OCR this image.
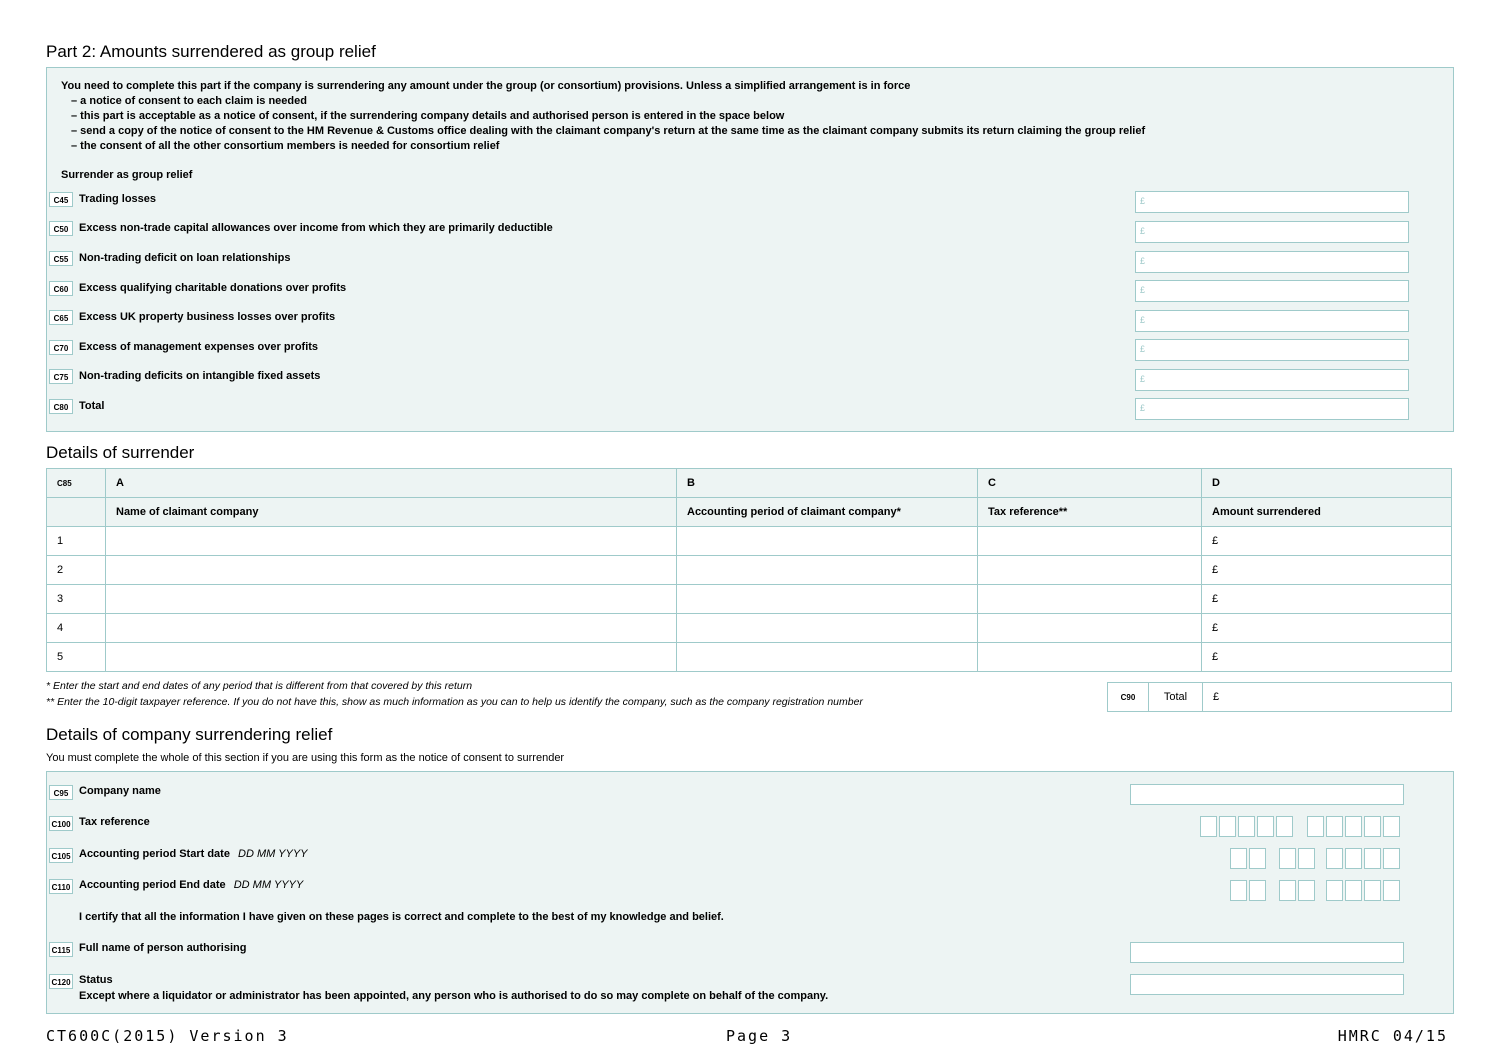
Part 2: Amounts surrendered as group relief
You need to complete this part if the company is surrendering any amount under the group (or consortium) provisions. Unless a simplified arrangement is in force
– a notice of consent to each claim is needed
– this part is acceptable as a notice of consent, if the surrendering company details and authorised person is entered in the space below
– send a copy of the notice of consent to the HM Revenue & Customs office dealing with the claimant company's return at the same time as the claimant company submits its return claiming the group relief
– the consent of all the other consortium members is needed for consortium relief
Surrender as group relief
C45 Trading losses	£
C50 Excess non-trade capital allowances over income from which they are primarily deductible	£
C55 Non-trading deficit on loan relationships	£
C60 Excess qualifying charitable donations over profits	£
C65 Excess UK property business losses over profits	£
C70 Excess of management expenses over profits	£
C75 Non-trading deficits on intangible fixed assets	£
C80 Total	£
Details of surrender
C85	A	B	C	D
	Name of claimant company	Accounting period of claimant company*	Tax reference**	Amount surrendered
1				£
2				£
3				£
4				£
5				£
* Enter the start and end dates of any period that is different from that covered by this return
** Enter the 10-digit taxpayer reference. If you do not have this, show as much information as you can to help us identify the company, such as the company registration number	C90	Total	£
Details of company surrendering relief
You must complete the whole of this section if you are using this form as the notice of consent to surrender
C95 Company name
C100 Tax reference
C105 Accounting period Start date DD MM YYYY
C110 Accounting period End date DD MM YYYY
I certify that all the information I have given on these pages is correct and complete to the best of my knowledge and belief.
C115 Full name of person authorising
C120 Status
Except where a liquidator or administrator has been appointed, any person who is authorised to do so may complete on behalf of the company.
CT600C(2015) Version 3	Page 3	HMRC 04/15
